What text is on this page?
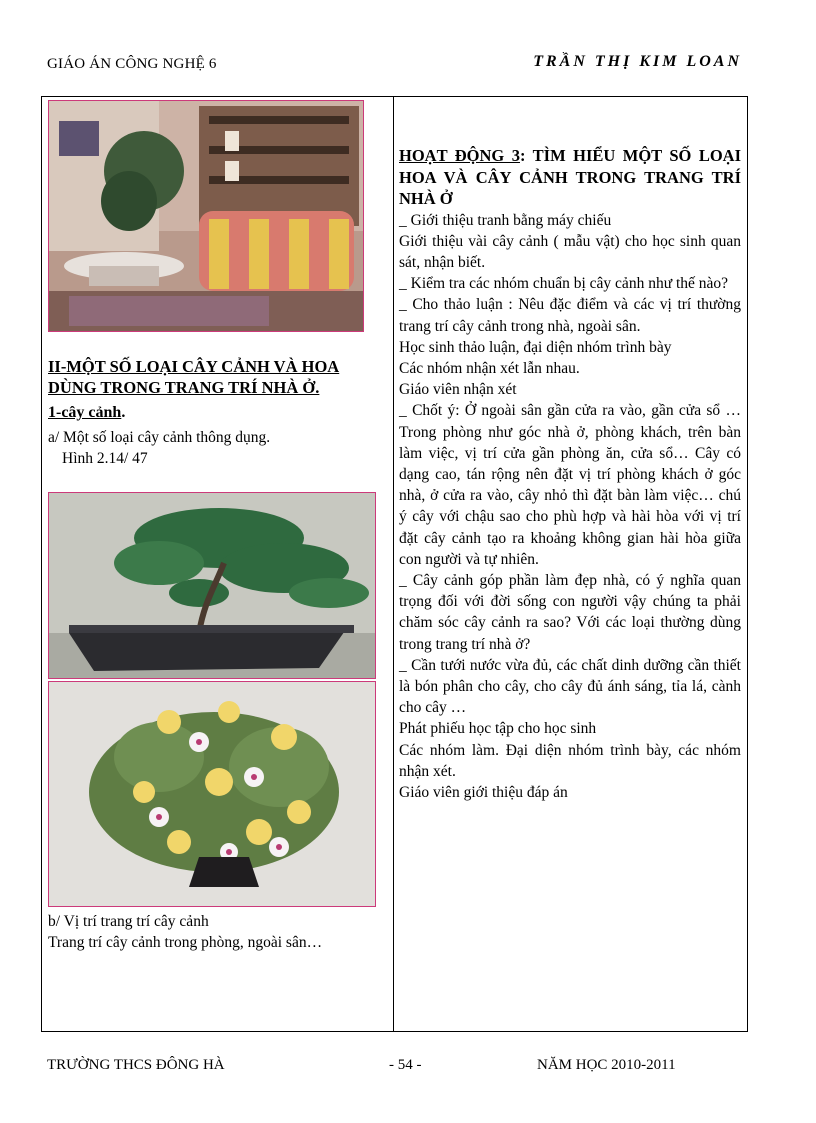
GIÁO ÁN CÔNG NGHỆ 6	TRẦN THỊ KIM LOAN
II-MỘT SỐ LOẠI CÂY CẢNH VÀ HOA DÙNG TRONG TRANG TRÍ NHÀ Ở.
1-cây cảnh.
a/ Một số loại cây cảnh thông dụng.
Hình 2.14/ 47
b/ Vị trí trang trí cây cảnh
Trang trí cây cảnh trong phòng, ngoài sân…
HOẠT ĐỘNG 3: TÌM HIỂU MỘT SỐ LOẠI HOA VÀ CÂY CẢNH TRONG TRANG TRÍ NHÀ Ở

_ Giới thiệu tranh bằng máy chiếu

Giới thiệu vài cây cảnh ( mẫu vật) cho học sinh quan sát, nhận biết.

_ Kiểm tra các nhóm chuẩn bị cây cảnh như thế nào?

_ Cho thảo luận : Nêu đặc điểm và các vị trí thường trang trí cây cảnh trong nhà, ngoài sân.

Học sinh thảo luận, đại diện nhóm trình bày

Các nhóm nhận xét lẫn nhau.

Giáo viên nhận xét

_ Chốt ý: Ở ngoài sân gần cửa ra vào, gần cửa sổ … Trong phòng như góc nhà ở, phòng khách, trên bàn làm việc, vị trí cửa gần phòng ăn, cửa sổ… Cây có dạng cao, tán rộng nên đặt vị trí phòng khách ở góc nhà, ở cửa ra vào, cây nhỏ thì đặt bàn làm việc… chú ý cây với chậu sao cho phù hợp và hài hòa với vị trí đặt cây cảnh tạo ra khoảng không gian hài hòa giữa con người và tự nhiên.

_ Cây cảnh góp phần làm đẹp nhà, có ý nghĩa quan trọng đối với đời sống con người vậy chúng ta phải chăm sóc cây cảnh ra sao? Với các loại thường dùng trong trang trí nhà ở?

_ Cần tưới nước vừa đủ, các chất dinh dưỡng cần thiết là bón phân cho cây, cho cây đủ ánh sáng, tỉa lá, cành cho cây …

Phát phiếu học tập cho học sinh

Các nhóm làm. Đại diện nhóm trình bày, các nhóm nhận xét.

Giáo viên giới thiệu đáp án

TRƯỜNG THCS ĐÔNG HÀ	- 54 -	NĂM HỌC 2010-2011
